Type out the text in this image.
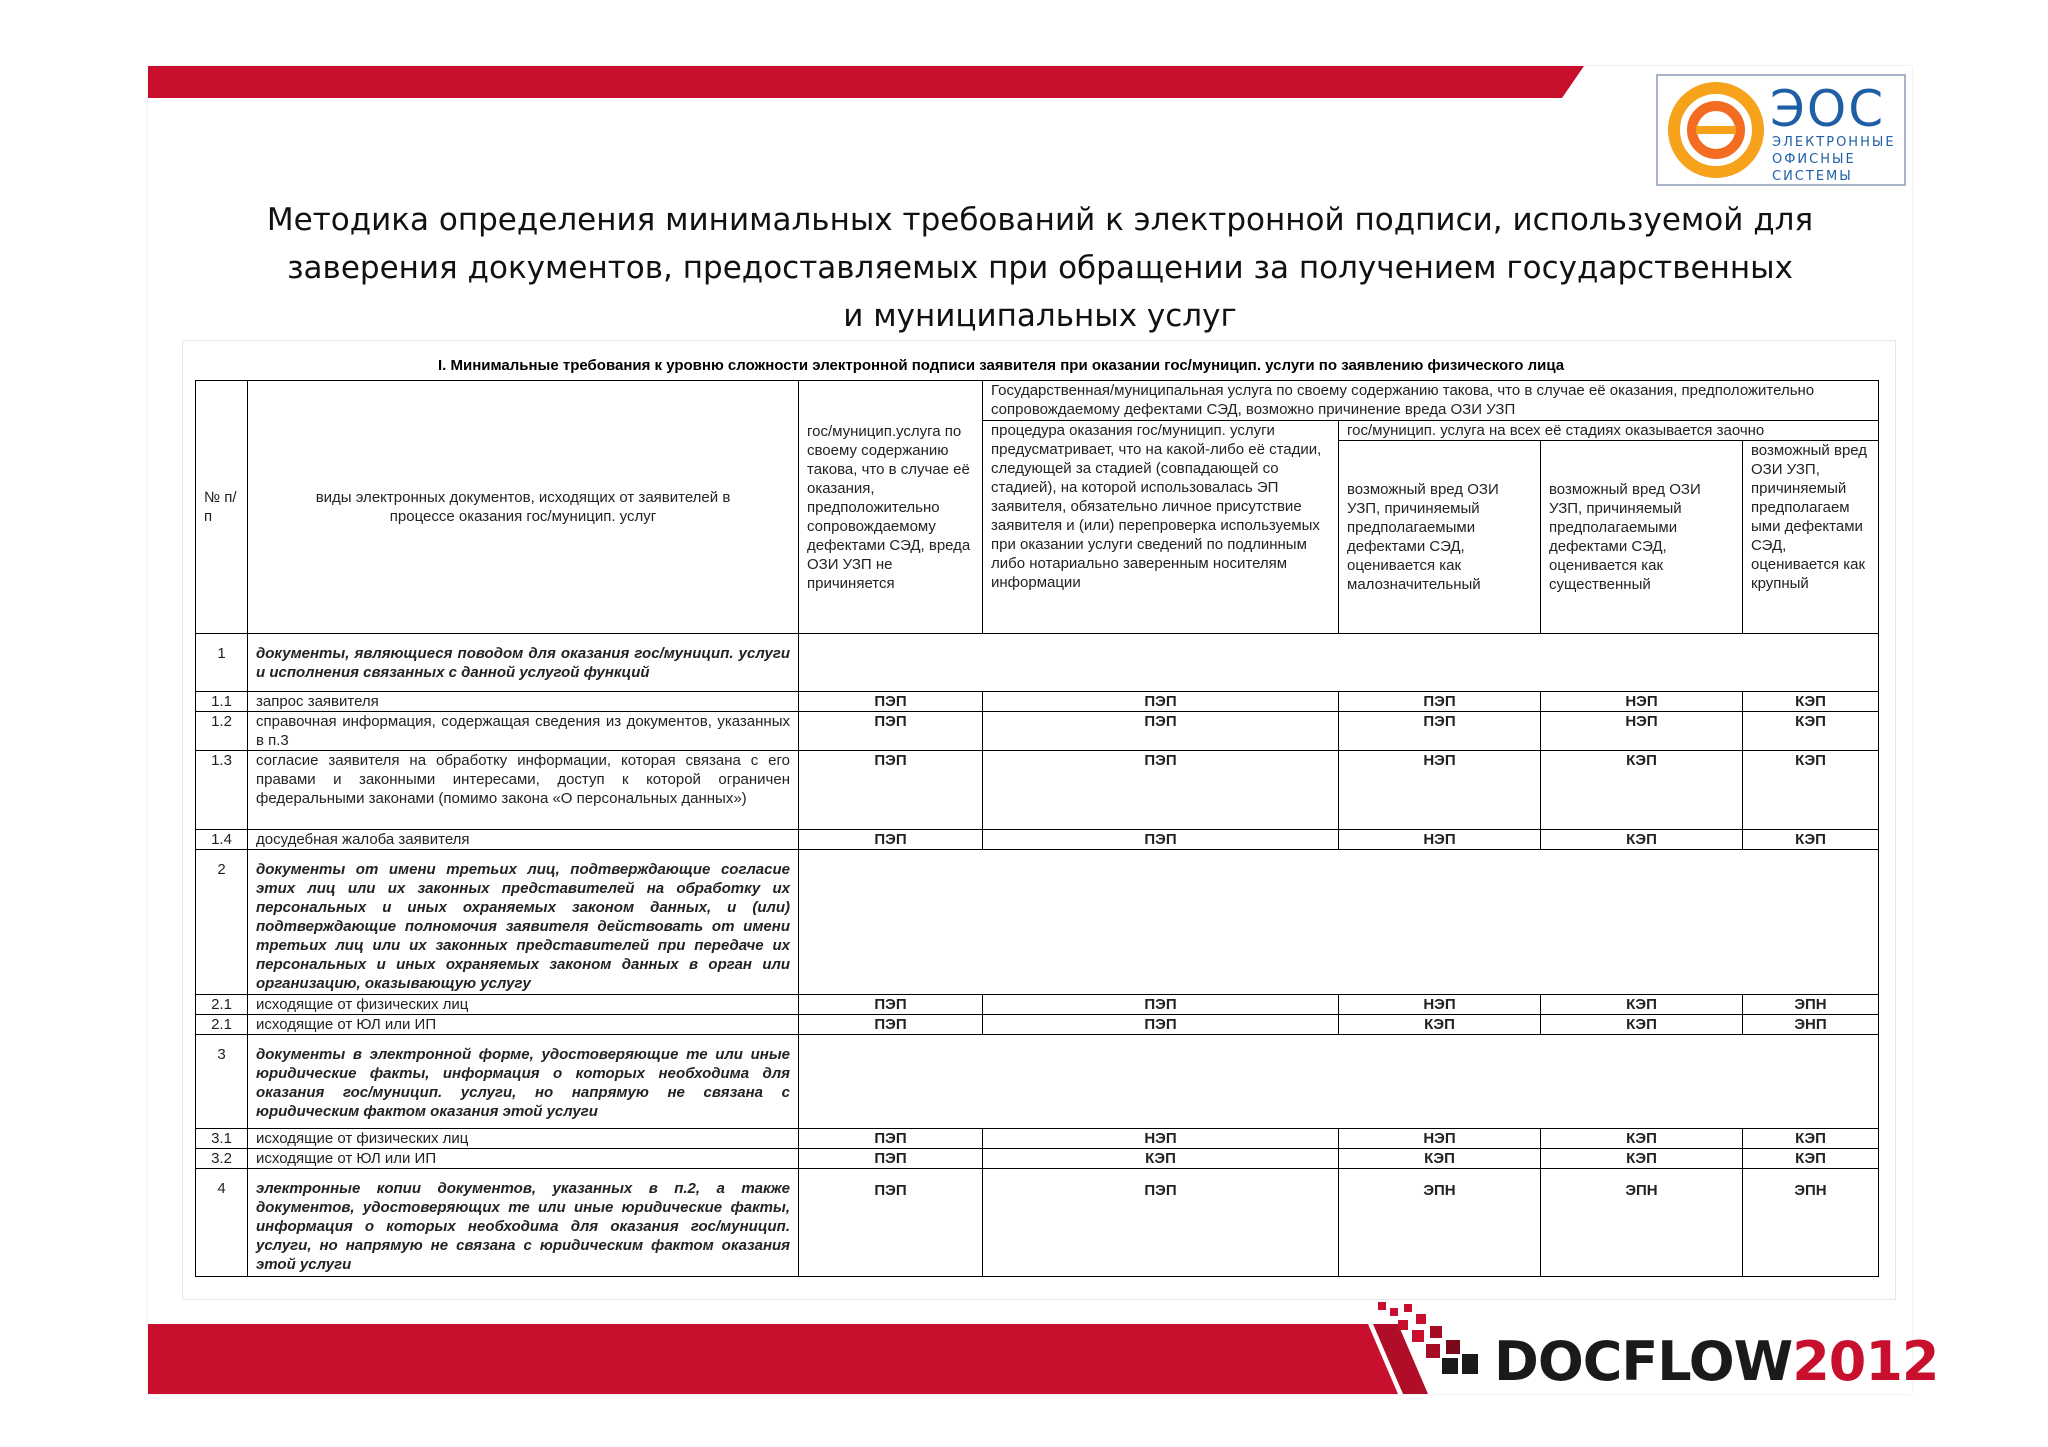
ЭОС
ЭЛЕКТРОННЫЕ
ОФИСНЫЕ
СИСТЕМЫ
Методика определения минимальных требований к электронной подписи, используемой для
заверения документов, предоставляемых при обращении за получением государственных
и муниципальных услуг
I. Минимальные требования к уровню сложности электронной подписи заявителя при оказании гос/муницип. услуги по заявлению физического лица
№ п/п	виды электронных документов, исходящих от заявителей в процессе оказания гос/муницип. услуг	гос/муницип.услуга по своему содержанию такова, что в случае её оказания, предположительно сопровождаемому дефектами СЭД, вреда ОЗИ УЗП не причиняется	Государственная/муниципальная услуга по своему содержанию такова, что в случае её оказания, предположительно сопровождаемому дефектами СЭД, возможно причинение вреда ОЗИ УЗП			
			процедура оказания гос/муницип. услуги предусматривает, что на какой-либо её стадии, следующей за стадией (совпадающей со стадией), на которой использовалась ЭП заявителя, обязательно личное присутствие заявителя и (или) перепроверка используемых при оказании услуги сведений по подлинным либо нотариально заверенным носителям информации	гос/муницип. услуга на всех её стадиях оказывается заочно		
				возможный вред ОЗИ УЗП, причиняемый предполагаемыми дефектами СЭД, оценивается как малозначительный	возможный вред ОЗИ УЗП, причиняемый предполагаемыми дефектами СЭД, оценивается как существенный	возможный вред ОЗИ УЗП, причиняемый предполагаем ыми дефектами СЭД, оценивается как крупный
1	документы, являющиеся поводом для оказания гос/муницип. услуги и исполнения связанных с данной услугой функций					
1.1	запрос заявителя	ПЭП	ПЭП	ПЭП	НЭП	КЭП
1.2	справочная информация, содержащая сведения из документов, указанных в п.3	ПЭП	ПЭП	ПЭП	НЭП	КЭП
1.3	согласие заявителя на обработку информации, которая связана с его правами и законными интересами, доступ к которой ограничен федеральными законами (помимо закона «О персональных данных»)	ПЭП	ПЭП	НЭП	КЭП	КЭП
1.4	досудебная жалоба заявителя	ПЭП	ПЭП	НЭП	КЭП	КЭП
2	документы от имени третьих лиц, подтверждающие согласие этих лиц или их законных представителей на обработку их персональных и иных охраняемых законом данных, и (или) подтверждающие полномочия заявителя действовать от имени третьих лиц или их законных представителей при передаче их персональных и иных охраняемых законом данных в орган или организацию, оказывающую услугу					
2.1	исходящие от физических лиц	ПЭП	ПЭП	НЭП	КЭП	ЭПН
2.1	исходящие от ЮЛ или ИП	ПЭП	ПЭП	КЭП	КЭП	ЭНП
3	документы в электронной форме, удостоверяющие те или иные юридические факты, информация о которых необходима для оказания гос/муницип. услуги, но напрямую не связана с юридическим фактом оказания этой услуги					
3.1	исходящие от физических лиц	ПЭП	НЭП	НЭП	КЭП	КЭП
3.2	исходящие от ЮЛ или ИП	ПЭП	КЭП	КЭП	КЭП	КЭП
4	электронные копии документов, указанных в п.2, а также документов, удостоверяющих те или иные юридические факты, информация о которых необходима для оказания гос/муницип. услуги, но напрямую не связана с юридическим фактом оказания этой услуги	ПЭП	ПЭП	ЭПН	ЭПН	ЭПН
DOCFLOW2012
